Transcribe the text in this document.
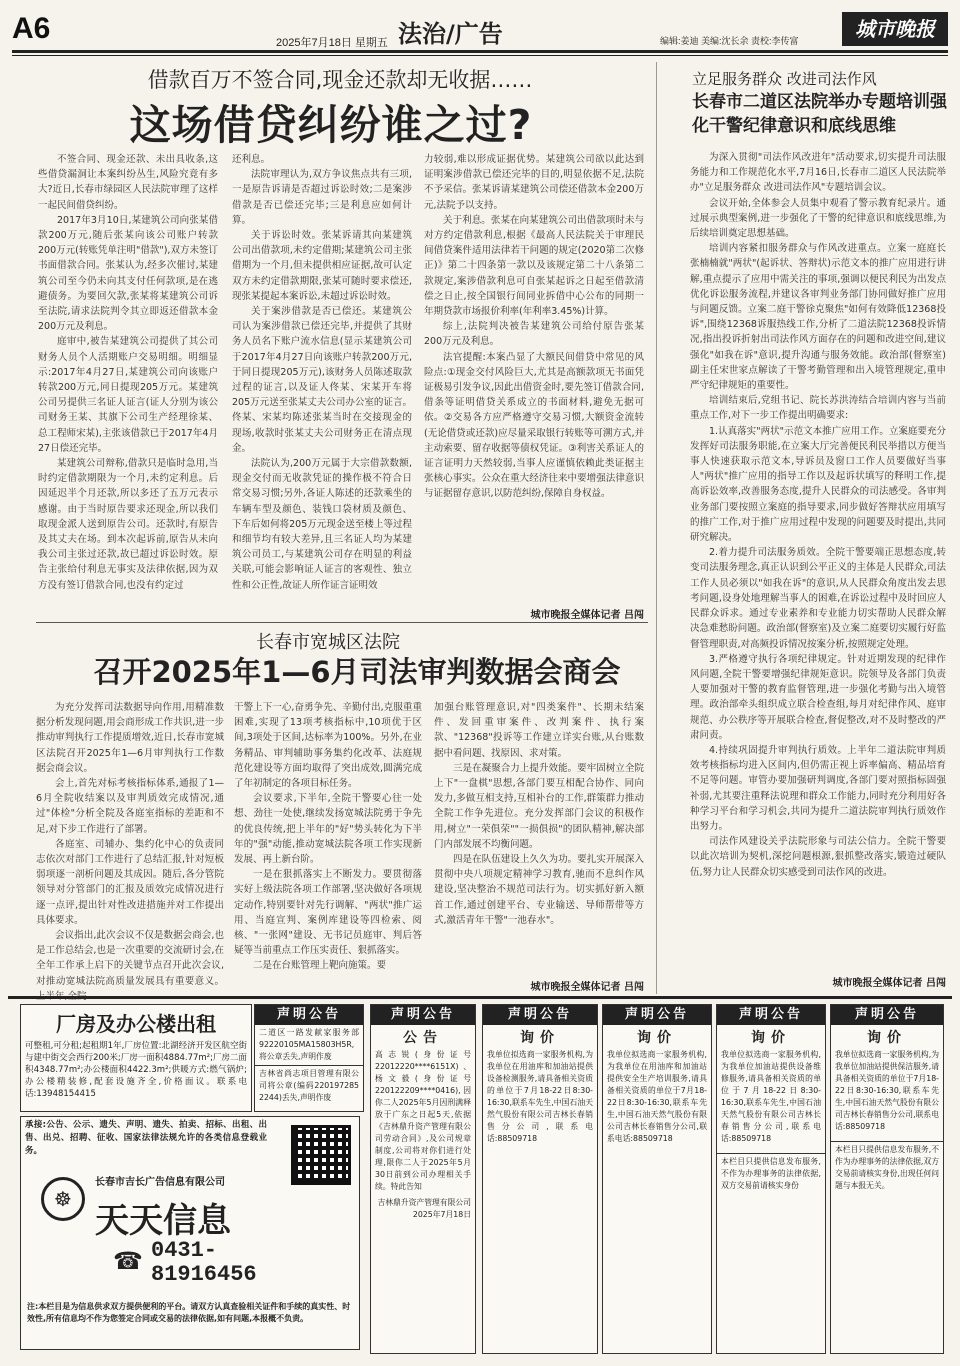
A6	2025年7月18日 星期五 法治/广告	编辑:姜迪 美编:沈长余 责校:李传富	城市晚报
借款百万不签合同,现金还款却无收据……
这场借贷纠纷谁之过?

不签合同、现金还款、未出具收条,这些借贷漏洞让本案纠纷丛生,风险究竟有多大?近日,长春市绿园区人民法院审理了这样一起民间借贷纠纷。

2017年3月10日,某建筑公司向张某借款200万元,随后张某向该公司账户转款200万元(转账凭单注明"借款"),双方未签订书面借款合同。张某认为,经多次催讨,某建筑公司至今仍未向其支付任何款项,是在逃避债务。为要回欠款,张某将某建筑公司诉至法院,请求法院判令其立即返还借款本金200万元及利息。

庭审中,被告某建筑公司提供了其公司财务人员个人活期账户交易明细。明细显示:2017年4月27日,某建筑公司向该账户转款200万元,同日提现205万元。某建筑公司另提供三名证人证言(证人分别为该公司财务王某、其旗下公司生产经理徐某、总工程师宋某),主张该借款已于2017年4月27日偿还完毕。

某建筑公司辩称,借款只是临时急用,当时约定借款期限为一个月,未约定利息。后因延迟半个月还款,所以多还了五万元表示感谢。由于当时原告要求还现金,所以我们取现金派人送到原告公司。还款时,有原告及其丈夫在场。到本次起诉前,原告从未向我公司主张过还款,故已超过诉讼时效。原告主张给付利息无事实及法律依据,因为双方没有签订借款合同,也没有约定过

还利息。

法院审理认为,双方争议焦点共有三项,一是原告诉请是否超过诉讼时效;二是案涉借款是否已偿还完毕;三是利息应如何计算。

关于诉讼时效。张某诉请其向某建筑公司出借款项,未约定借期;某建筑公司主张借期为一个月,但未提供相应证据,故可认定双方未约定借款期限,张某可随时要求偿还,现张某提起本案诉讼,未超过诉讼时效。

关于案涉借款是否已偿还。某建筑公司认为案涉借款已偿还完毕,并提供了其财务人员名下账户流水信息(显示某建筑公司于2017年4月27日向该账户转款200万元,于同日提现205万元),该财务人员陈述取款过程的证言,以及证人佟某、宋某开车将205万元送至张某丈夫公司办公室的证言。佟某、宋某均陈述张某当时在交接现金的现场,收款时张某丈夫公司财务正在清点现金。

法院认为,200万元属于大宗借款数额,现金交付而无收款凭证的操作极不符合日常交易习惯;另外,各证人陈述的还款乘坐的车辆车型及颜色、装钱口袋材质及颜色、下车后如何将205万元现金送至楼上等过程和细节均有较大差异,且三名证人均为某建筑公司员工,与某建筑公司存在明显的利益关联,可能会影响证人证言的客观性、独立性和公正性,故证人所作证言证明效

力较弱,难以形成证据优势。某建筑公司欲以此达到证明案涉借款已偿还完毕的目的,明显依据不足,法院不予采信。张某诉请某建筑公司偿还借款本金200万元,法院予以支持。

关于利息。张某在向某建筑公司出借款项时未与对方约定借款利息,根据《最高人民法院关于审理民间借贷案件适用法律若干问题的规定(2020第二次修正)》第二十四条第一款以及该规定第二十八条第二款规定,案涉借款利息可自张某起诉之日起至借款清偿之日止,按全国银行间同业拆借中心公布的同期一年期贷款市场报价利率(年利率3.45%)计算。

综上,法院判决被告某建筑公司给付原告张某200万元及利息。

法官提醒:本案凸显了大额民间借贷中常见的风险点:①现金交付风险巨大,尤其是高额款项无书面凭证极易引发争议,因此出借资金时,要先签订借款合同,借条等证明借贷关系成立的书面材料,避免无据可依。②交易各方应严格遵守交易习惯,大额资金流转(无论借贷或还款)应尽量采取银行转账等可溯方式,并主动索要、留存收据等债权凭证。③利害关系证人的证言证明力天然较弱,当事人应谨慎依赖此类证据主张核心事实。公众在重大经济往来中要增强法律意识与证据留存意识,以防范纠纷,保障自身权益。

城市晚报全媒体记者 吕闯
立足服务群众 改进司法作风
长春市二道区法院举办专题培训强化干警纪律意识和底线思维

为深入贯彻"司法作风改进年"活动要求,切实提升司法服务能力和工作规范化水平,7月16日,长春市二道区人民法院举办"立足服务群众 改进司法作风"专题培训会议。

会议开始,全体参会人员集中观看了警示教育纪录片。通过展示典型案例,进一步强化了干警的纪律意识和底线思维,为后续培训奠定思想基础。

培训内容紧扣服务群众与作风改进重点。立案一庭庭长张楠楠就"两状"(起诉状、答辩状)示范文本的推广应用进行讲解,重点提示了应用中需关注的事项,强调以便民利民为出发点优化诉讼服务流程,并建议各审判业务部门协同做好推广应用与问题反馈。立案二庭干警徐克聚焦"如何有效降低12368投诉",围绕12368诉服热线工作,分析了二道法院12368投诉情况,指出投诉折射出司法作风方面存在的问题和改进空间,建议强化"如我在诉"意识,提升沟通与服务效能。政治部(督察室)副主任宋世家点解读了干警考勤管理和出入境管理规定,重申严守纪律规矩的重要性。

培训结束后,党组书记、院长苏洪涛结合培训内容与当前重点工作,对下一步工作提出明确要求:

1.认真落实"两状"示范文本推广应用工作。立案庭要充分发挥好司法服务职能,在立案大厅完善便民利民举措以方便当事人快速获取示范文本,导诉员及窗口工作人员要做好当事人"两状"推广应用的指导工作以及起诉状填写的释明工作,提高诉讼效率,改善服务态度,提升人民群众的司法感受。各审判业务部门要按照立案庭的指导要求,同步做好答辩状应用填写的推广工作,对于推广应用过程中发现的问题要及时提出,共同研究解决。

2.着力提升司法服务质效。全院干警要端正思想态度,转变司法服务理念,真正认识到公平正义的主体是人民群众,司法工作人员必须以"如我在诉"的意识,从人民群众角度出发去思考问题,设身处地理解当事人的困难,在诉讼过程中及时回应人民群众诉求。通过专业素养和专业能力切实帮助人民群众解决急难愁盼问题。政治部(督察室)及立案二庭要切实履行好监督管理职责,对高频投诉情况按案分析,按照规定处理。

3.严格遵守执行各项纪律规定。针对近期发现的纪律作风问题,全院干警要增强纪律规矩意识。院领导及各部门负责人要加强对干警的教育监督管理,进一步强化考勤与出入境管理。政治部牵头组织成立联合检查组,每月对纪律作风、庭审规范、办公秩序等开展联合检查,督促整改,对不及时整改的严肃问责。

4.持续巩固提升审判执行质效。上半年二道法院审判质效考核指标均进入区间内,但仍需正视上诉率偏高、精品培育不足等问题。审管办要加强研判调度,各部门要对照指标固强补弱,尤其要注重释法说理和群众工作能力,同时充分利用好各种学习平台和学习机会,共同为提升二道法院审判执行质效作出努力。

司法作风建设关乎法院形象与司法公信力。全院干警要以此次培训为契机,深挖问题根源,狠抓整改落实,锻造过硬队伍,努力让人民群众切实感受到司法作风的改进。

城市晚报全媒体记者 吕闯
长春市宽城区法院
召开2025年1—6月司法审判数据会商会

为充分发挥司法数据导向作用,用精准数据分析发现问题,用会商形成工作共识,进一步推动审判执行工作提质增效,近日,长春市宽城区法院召开2025年1—6月审判执行工作数据会商会议。

会上,首先对标考核指标体系,通报了1—6月全院收结案以及审判质效完成情况,通过"体检"分析全院及各庭室指标的差距和不足,对下步工作进行了部署。

各庭室、司辅办、集约化中心的负责同志依次对部门工作进行了总结汇报,针对短板弱项逐一剖析问题及其成因。随后,各分管院领导对分管部门的汇报及质效完成情况进行逐一点评,提出针对性改进措施并对工作提出具体要求。

会议指出,此次会议不仅是数据会商会,也是工作总结会,也是一次重要的交流研讨会,在全年工作承上启下的关键节点召开此次会议,对推动宽城法院高质量发展具有重要意义。

干警上下一心,奋勇争先、辛勤付出,克服重重困难,实现了13项考核指标中,10项优于区间,3项处于区间,达标率为100%。另外,在业务精品、审判辅助事务集约化改革、法庭规范化建设等方面均取得了突出成效,圆满完成了年初制定的各项目标任务。

会议要求,下半年,全院干警要心往一处想、劲往一处使,继续发扬宽城法院勇于争先的优良传统,把上半年的"好"势头转化为下半年的"强"动能,推动宽城法院各项工作实现新发展、再上新台阶。

一是在狠抓落实上不断发力。要贯彻落实好上级法院各项工作部署,坚决做好各项规定动作,特别要针对先行调解、"两状"推广运用、当庭宣判、案例库建设等四检索、阅核、"一张网"建设、无书记员庭审、判后答疑等当前重点工作压实责任、狠抓落实。

二是在台账管理上靶向施策。要

加强台账管理意识,对"四类案件"、长期未结案件、发回重审案件、改判案件、执行案款、"12368"投诉等工作建立详实台账,从台账数据中看问题、找原因、求对策。

三是在凝聚合力上提升效能。要牢固树立全院上下"一盘棋"思想,各部门要互相配合协作、同向发力,多做互相支持,互相补台的工作,群策群力推动全院工作争先进位。充分发挥部门会议的积极作用,树立"一荣俱荣""一损俱损"的团队精神,解决部门内部发展不均衡问题。

四是在队伍建设上久久为功。要扎实开展深入贯彻中央八项规定精神学习教育,驰而不息纠作风建设,坚决整治不规范司法行为。切实抓好新入额首工作,通过创建平台、专业输送、导师帮带等方式,激活青年干警"一池春水"。

城市晚报全媒体记者 吕闯
厂房及办公楼出租
可整租,可分租;起租期1年,厂房位置:北湖经济开发区航空街与建中街交会西行200米;厂房一面积4884.77m²;厂房二面积4348.77m²;办公楼面积4422.3m²;供暖方式:燃气锅炉;办公楼精装修,配套设施齐全,价格面议。联系电话:13948154415
承接:公告、公示、遗失、声明、遗失、拍卖、招标、出租、出售、出兑、招聘、征收、国家法律法规允许的各类信息登载业务。
长春市吉长广告信息有限公司
☸
天天信息
0431-81916456
☎
注:本栏目是为信息供求双方提供便利的平台。请双方认真查验相关证件和手续的真实性、时效性,所有信息均不作为您签定合同或交易的法律依据,如有问题,本报概不负责。
声明公告
二道区一路发献家服务部92220105MA15803H5R,将公章丢失,声明作废
吉林省尚志项目管理有限公司将公章(编码220197285 2244)丢失,声明作废
声明公告
公告
高志锐(身份证号22012220****6151X)、杨文毅(身份证号220122209****0416),因你二人2025年5月因刑满释放于广东之日起5天,依据《吉林鼎升资产管理有限公司劳动合同》,及公司规章制度,公司将对你们进行处理,限你二人于2025年5月30日前到公司办理相关手续。特此告知
吉林鼎升资产管理有限公司 2025年7月18日
声明公告
询价
我单位拟选商一家服务机构,为我单位在用油库和加油站提供设备检测服务,请具备相关资质的单位于7月18-22日8:30-16:30,联系车先生,中国石油天然气股份有限公司吉林长春销售分公司,联系电话:88509718
声明公告
询价
我单位拟选商一家服务机构,为我单位在用油库和加油站提供安全生产培训服务,请具备相关资质的单位于7月18-22日8:30-16:30,联系车先生,中国石油天然气股份有限公司吉林长春销售分公司,联系电话:88509718
声明公告
询价
我单位拟选商一家服务机构,为我单位加油站提供设备维修服务,请具备相关资质的单位于7月18-22日8:30-16:30,联系车先生,中国石油天然气股份有限公司吉林长春销售分公司,联系电话:88509718
本栏目只提供信息发布服务,不作为办理事务的法律依据,双方交易前请核实身份
声明公告
询价
我单位拟选商一家服务机构,为我单位加油站提供保洁服务,请具备相关资质的单位于7月18-22日8:30-16:30,联系车先生,中国石油天然气股份有限公司吉林长春销售分公司,联系电话:88509718
本栏目只提供信息发布服务,不作为办理事务的法律依据,双方交易前请核实身份,出现任何问题与本报无关。
